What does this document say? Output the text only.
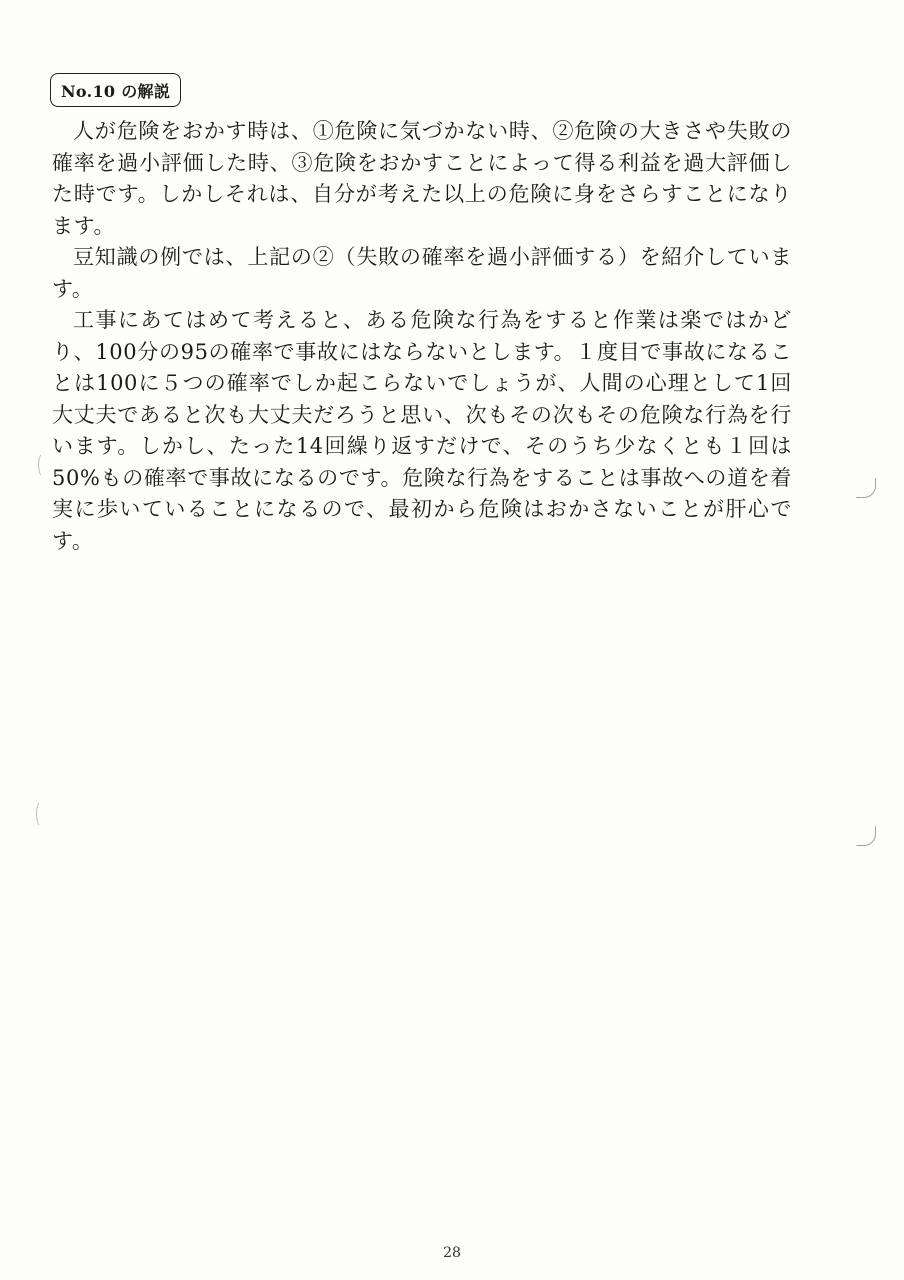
No.10 の解説

人が危険をおかす時は、①危険に気づかない時、②危険の大きさや失敗の確率を過小評価した時、③危険をおかすことによって得る利益を過大評価した時です。しかしそれは、自分が考えた以上の危険に身をさらすことになります。

豆知識の例では、上記の②（失敗の確率を過小評価する）を紹介しています。

工事にあてはめて考えると、ある危険な行為をすると作業は楽ではかどり、100分の95の確率で事故にはならないとします。１度目で事故になることは100に５つの確率でしか起こらないでしょうが、人間の心理として1回大丈夫であると次も大丈夫だろうと思い、次もその次もその危険な行為を行います。しかし、たった14回繰り返すだけで、そのうち少なくとも１回は50%もの確率で事故になるのです。危険な行為をすることは事故への道を着実に歩いていることになるので、最初から危険はおかさないことが肝心です。

28
